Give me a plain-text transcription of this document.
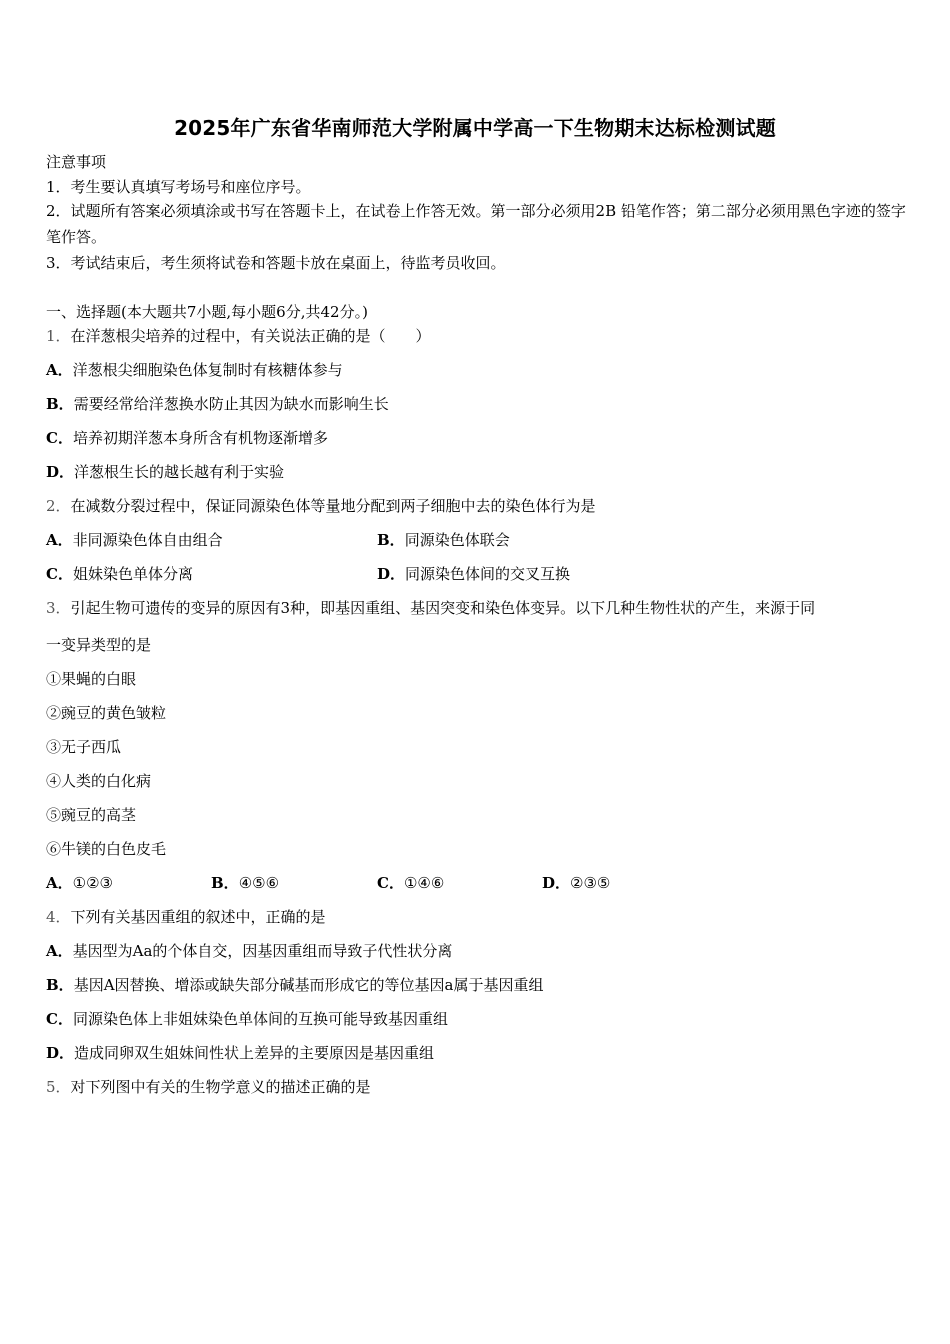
2025年广东省华南师范大学附属中学高一下生物期末达标检测试题
注意事项
1．考生要认真填写考场号和座位序号。
2．试题所有答案必须填涂或书写在答题卡上，在试卷上作答无效。第一部分必须用2B 铅笔作答；第二部分必须用黑色字迹的签字笔作答。
3．考试结束后，考生须将试卷和答题卡放在桌面上，待监考员收回。
一、选择题(本大题共7小题,每小题6分,共42分。)
1．在洋葱根尖培养的过程中，有关说法正确的是（　　）
A．洋葱根尖细胞染色体复制时有核糖体参与
B．需要经常给洋葱换水防止其因为缺水而影响生长
C．培养初期洋葱本身所含有机物逐渐增多
D．洋葱根生长的越长越有利于实验
2．在减数分裂过程中，保证同源染色体等量地分配到两子细胞中去的染色体行为是
A．非同源染色体自由组合	B．同源染色体联会
C．姐妹染色单体分离	D．同源染色体间的交叉互换
3．引起生物可遗传的变异的原因有3种，即基因重组、基因突变和染色体变异。以下几种生物性状的产生，来源于同
一变异类型的是
①果蝇的白眼
②豌豆的黄色皱粒
③无子西瓜
④人类的白化病
⑤豌豆的高茎
⑥牛镁的白色皮毛
A．①②③	B．④⑤⑥	C．①④⑥	D．②③⑤
4．下列有关基因重组的叙述中，正确的是
A．基因型为Aa的个体自交，因基因重组而导致子代性状分离
B．基因A因替换、增添或缺失部分碱基而形成它的等位基因a属于基因重组
C．同源染色体上非姐妹染色单体间的互换可能导致基因重组
D．造成同卵双生姐妹间性状上差异的主要原因是基因重组
5．对下列图中有关的生物学意义的描述正确的是
